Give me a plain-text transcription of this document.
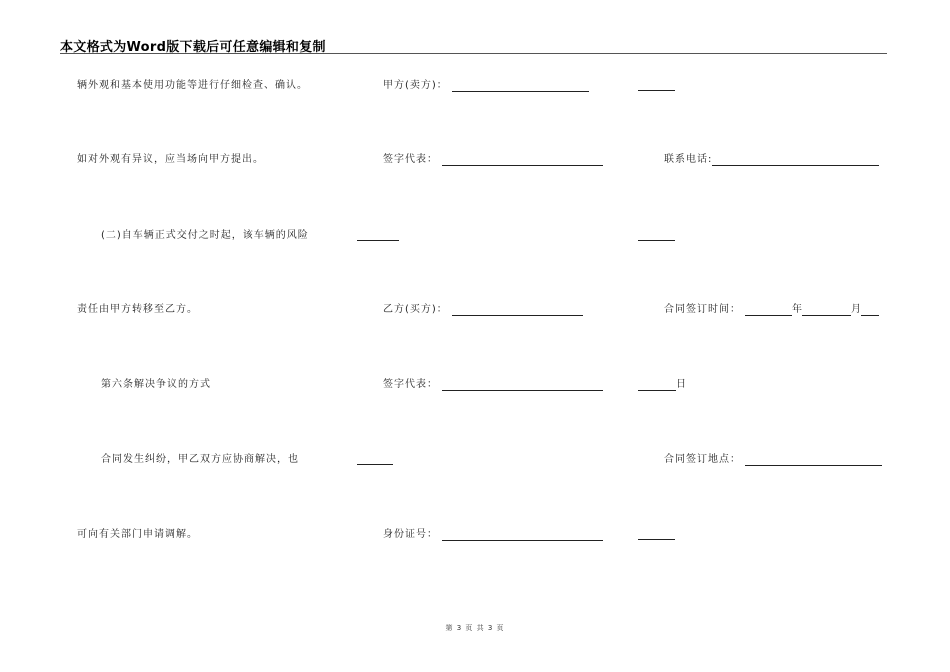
本文格式为Word版下载后可任意编辑和复制
辆外观和基本使用功能等进行仔细检查、确认。
如对外观有异议，应当场向甲方提出。
(二)自车辆正式交付之时起，该车辆的风险
责任由甲方转移至乙方。
第六条解决争议的方式
合同发生纠纷，甲乙双方应协商解决，也
可向有关部门申请调解。
甲方(卖方)：
签字代表：
乙方(买方)：
签字代表：
身份证号：
联系电话:
合同签订时间：	年	月
日
合同签订地点：
第 3 页 共 3 页
